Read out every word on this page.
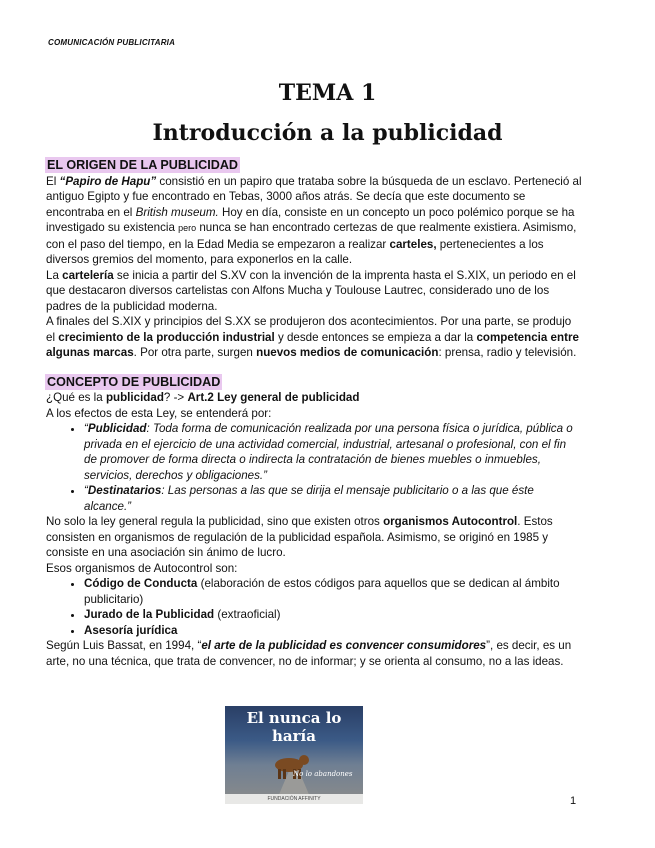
COMUNICACIÓN PUBLICITARIA
TEMA 1
Introducción a la publicidad

EL ORIGEN DE LA PUBLICIDAD

El “Papiro de Hapu” consistió en un papiro que trataba sobre la búsqueda de un esclavo. Perteneció al antiguo Egipto y fue encontrado en Tebas, 3000 años atrás. Se decía que este documento se encontraba en el British museum. Hoy en día, consiste en un concepto un poco polémico porque se ha investigado su existencia pero nunca se han encontrado certezas de que realmente existiera. Asimismo, con el paso del tiempo, en la Edad Media se empezaron a realizar carteles, pertenecientes a los diversos gremios del momento, para exponerlos en la calle.

La cartelería se inicia a partir del S.XV con la invención de la imprenta hasta el S.XIX, un periodo en el que destacaron diversos cartelistas con Alfons Mucha y Toulouse Lautrec, considerado uno de los padres de la publicidad moderna.

A finales del S.XIX y principios del S.XX se produjeron dos acontecimientos. Por una parte, se produjo el crecimiento de la producción industrial y desde entonces se empieza a dar la competencia entre algunas marcas. Por otra parte, surgen nuevos medios de comunicación: prensa, radio y televisión.

CONCEPTO DE PUBLICIDAD

¿Qué es la publicidad? -> Art.2 Ley general de publicidad

A los efectos de esta Ley, se entenderá por:

• “Publicidad: Toda forma de comunicación realizada por una persona física o jurídica, pública o privada en el ejercicio de una actividad comercial, industrial, artesanal o profesional, con el fin de promover de forma directa o indirecta la contratación de bienes muebles o inmuebles, servicios, derechos y obligaciones.”
• “Destinatarios: Las personas a las que se dirija el mensaje publicitario o a las que éste alcance.”

No solo la ley general regula la publicidad, sino que existen otros organismos Autocontrol. Estos consisten en organismos de regulación de la publicidad española. Asimismo, se originó en 1985 y consiste en una asociación sin ánimo de lucro.

Esos organismos de Autocontrol son:

• Código de Conducta (elaboración de estos códigos para aquellos que se dedican al ámbito publicitario)
• Jurado de la Publicidad (extraoficial)
• Asesoría jurídica

Según Luis Bassat, en 1994, “el arte de la publicidad es convencer consumidores”, es decir, es un arte, no una técnica, que trata de convencer, no de informar; y se orienta al consumo, no a las ideas.

El nunca lo haría
No lo abandones
FUNDACIÓN AFFINITY	1
